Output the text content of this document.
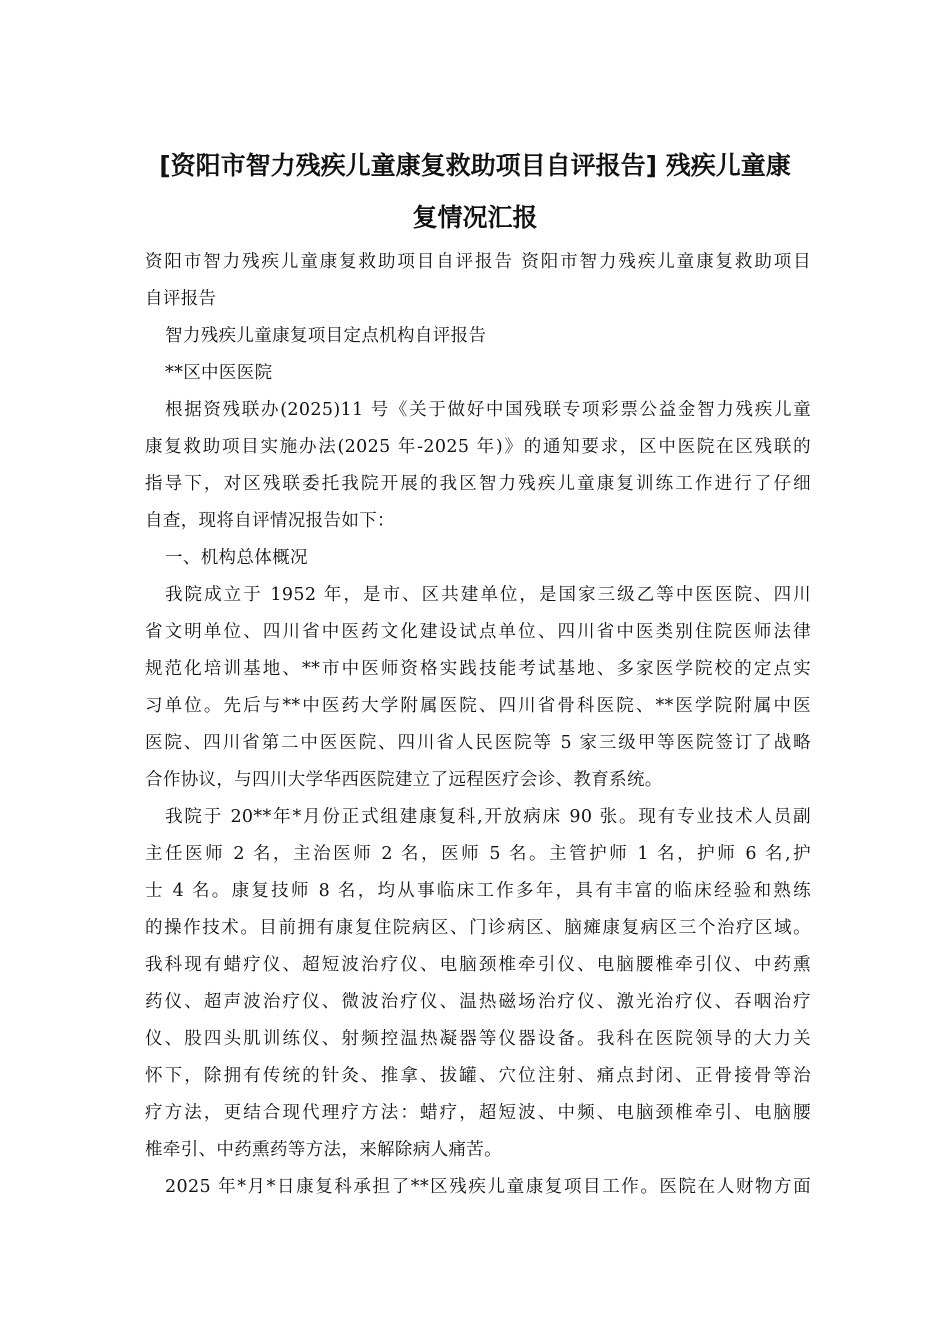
[资阳市智力残疾儿童康复救助项目自评报告] 残疾儿童康
复情况汇报

资阳市智力残疾儿童康复救助项目自评报告 资阳市智力残疾儿童康复救助项目
自评报告

智力残疾儿童康复项目定点机构自评报告

**区中医医院

根据资残联办(2025)11 号《关于做好中国残联专项彩票公益金智力残疾儿童
康复救助项目实施办法(2025 年-2025 年)》的通知要求，区中医院在区残联的
指导下，对区残联委托我院开展的我区智力残疾儿童康复训练工作进行了仔细
自查，现将自评情况报告如下：

一、机构总体概况

我院成立于 1952 年，是市、区共建单位，是国家三级乙等中医医院、四川
省文明单位、四川省中医药文化建设试点单位、四川省中医类别住院医师法律
规范化培训基地、**市中医师资格实践技能考试基地、多家医学院校的定点实
习单位。先后与**中医药大学附属医院、四川省骨科医院、**医学院附属中医
医院、四川省第二中医医院、四川省人民医院等 5 家三级甲等医院签订了战略
合作协议，与四川大学华西医院建立了远程医疗会诊、教育系统。

我院于 20**年*月份正式组建康复科,开放病床 90 张。现有专业技术人员副
主任医师 2 名，主治医师 2 名，医师 5 名。主管护师 1 名，护师 6 名,护
士 4 名。康复技师 8 名，均从事临床工作多年，具有丰富的临床经验和熟练
的操作技术。目前拥有康复住院病区、门诊病区、脑瘫康复病区三个治疗区域。
我科现有蜡疗仪、超短波治疗仪、电脑颈椎牵引仪、电脑腰椎牵引仪、中药熏
药仪、超声波治疗仪、微波治疗仪、温热磁场治疗仪、激光治疗仪、吞咽治疗
仪、股四头肌训练仪、射频控温热凝器等仪器设备。我科在医院领导的大力关
怀下，除拥有传统的针灸、推拿、拔罐、穴位注射、痛点封闭、正骨接骨等治
疗方法，更结合现代理疗方法：蜡疗，超短波、中频、电脑颈椎牵引、电脑腰
椎牵引、中药熏药等方法，来解除病人痛苦。

2025 年*月*日康复科承担了**区残疾儿童康复项目工作。医院在人财物方面
